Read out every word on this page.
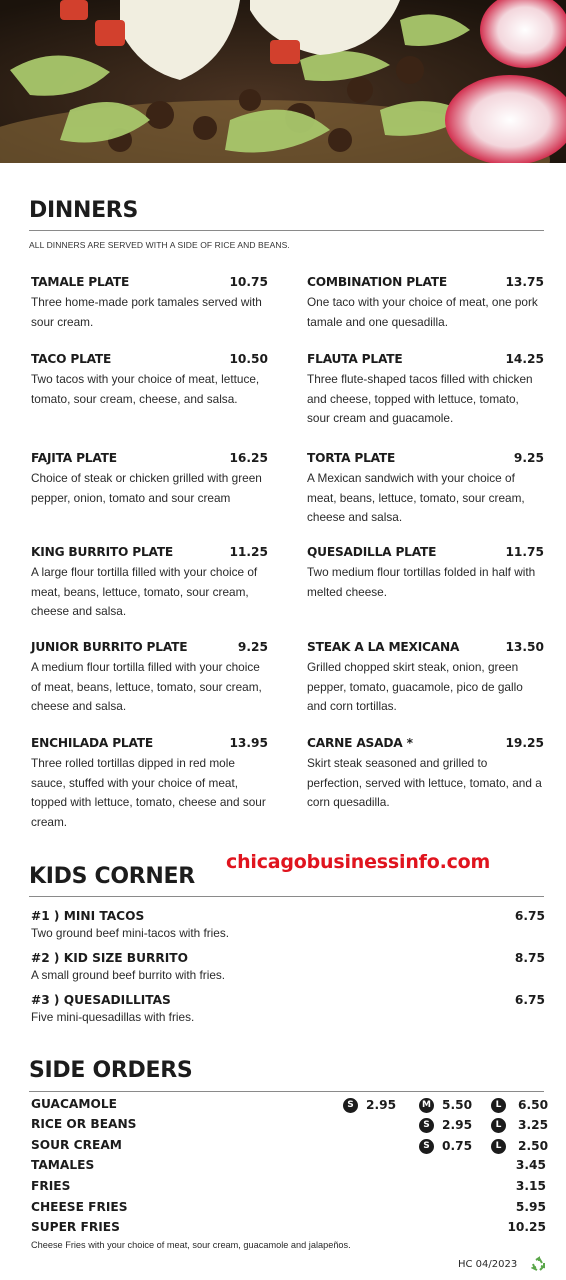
DINNERS
ALL DINNERS ARE SERVED WITH A SIDE OF RICE AND BEANS.
TAMALE PLATE	10.75
Three home-made pork tamales served with sour cream.
COMBINATION PLATE	13.75
One taco with your choice of meat, one pork tamale and one quesadilla.
TACO PLATE	10.50
Two tacos with your choice of meat, lettuce, tomato, sour cream, cheese, and salsa.
FLAUTA PLATE	14.25
Three flute-shaped tacos filled with chicken and cheese, topped with lettuce, tomato, sour cream and guacamole.
FAJITA PLATE	16.25
Choice of steak or chicken grilled with green pepper, onion, tomato and sour cream
TORTA PLATE	9.25
A Mexican sandwich with your choice of meat, beans, lettuce, tomato, sour cream, cheese and salsa.
KING BURRITO PLATE	11.25
A large flour tortilla filled with your choice of meat, beans, lettuce, tomato, sour cream, cheese and salsa.
QUESADILLA PLATE	11.75
Two medium flour tortillas folded in half with melted cheese.
JUNIOR BURRITO PLATE	9.25
A medium flour tortilla filled with your choice of meat, beans, lettuce, tomato, sour cream, cheese and salsa.
STEAK A LA MEXICANA	13.50
Grilled chopped skirt steak, onion, green pepper, tomato, guacamole, pico de gallo and corn tortillas.
ENCHILADA PLATE	13.95
Three rolled tortillas dipped in red mole sauce, stuffed with your choice of meat, topped with lettuce, tomato, cheese and sour cream.
CARNE ASADA *	19.25
Skirt steak seasoned and grilled to perfection, served with lettuce, tomato, and a corn quesadilla.
chicagobusinessinfo.com
KIDS CORNER
#1 ) MINI TACOS	6.75
Two ground beef mini-tacos with fries.
#2 ) KID SIZE BURRITO	8.75
A small ground beef burrito with fries.
#3 ) QUESADILLITAS	6.75
Five mini-quesadillas with fries.
SIDE ORDERS
GUACAMOLE	S	2.95	M 5.50	L	6.50
RICE OR BEANS	S	2.95	L	3.25
SOUR CREAM	S	0.75	L	2.50
TAMALES	3.45
FRIES	3.15
CHEESE FRIES	5.95
SUPER FRIES	10.25
Cheese Fries with your choice of meat, sour cream, guacamole and jalapeños.
HC 04/2023
